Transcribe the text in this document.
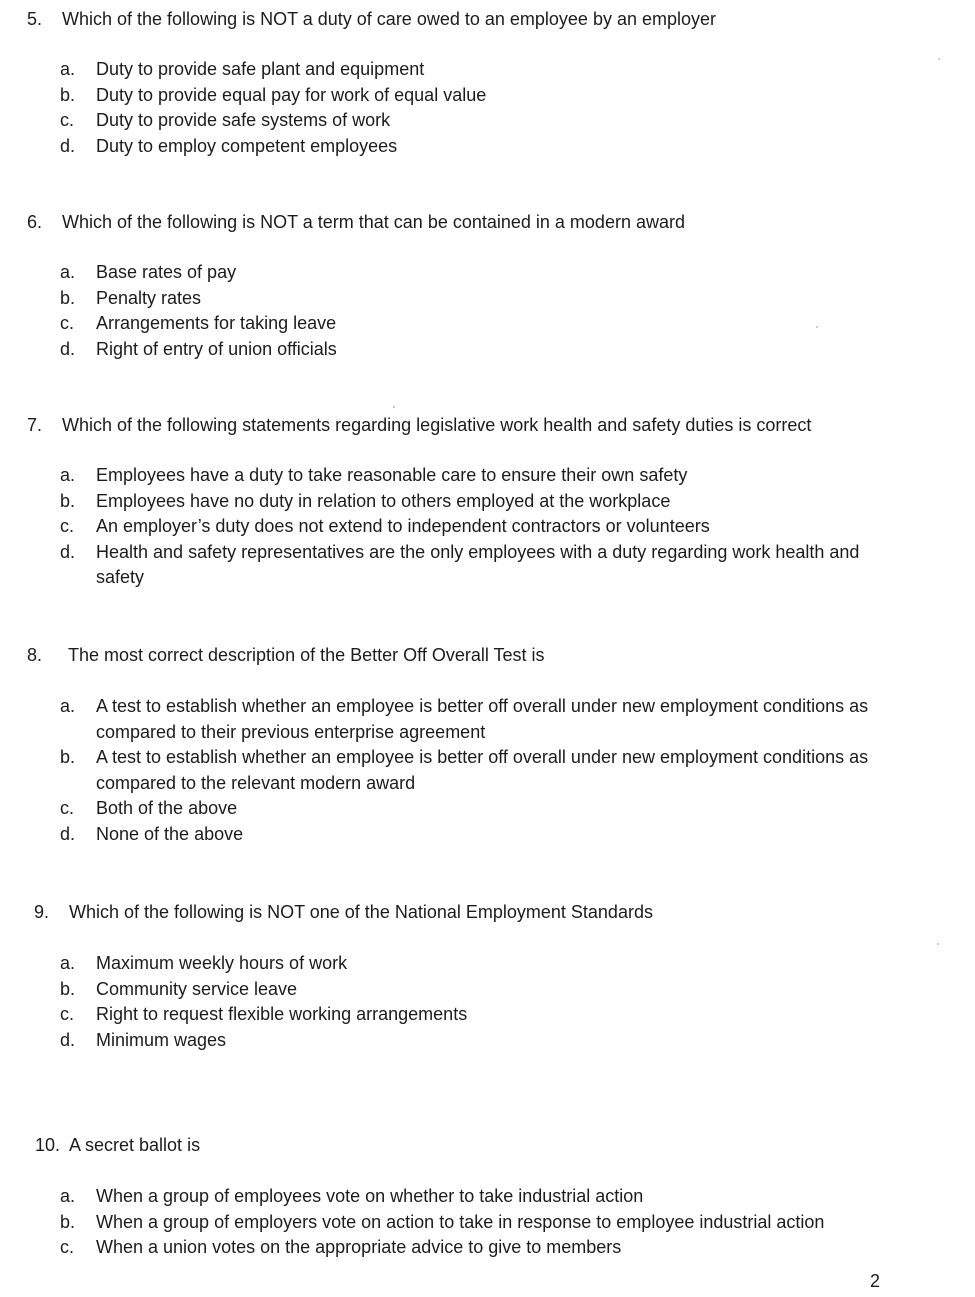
5. Which of the following is NOT a duty of care owed to an employee by an employer
a. Duty to provide safe plant and equipment
b. Duty to provide equal pay for work of equal value
c. Duty to provide safe systems of work
d. Duty to employ competent employees
6. Which of the following is NOT a term that can be contained in a modern award
a. Base rates of pay
b. Penalty rates
c. Arrangements for taking leave
d. Right of entry of union officials
7. Which of the following statements regarding legislative work health and safety duties is correct
a. Employees have a duty to take reasonable care to ensure their own safety
b. Employees have no duty in relation to others employed at the workplace
c. An employer’s duty does not extend to independent contractors or volunteers
d. Health and safety representatives are the only employees with a duty regarding work health and safety
8. The most correct description of the Better Off Overall Test is
a. A test to establish whether an employee is better off overall under new employment conditions as compared to their previous enterprise agreement
b. A test to establish whether an employee is better off overall under new employment conditions as compared to the relevant modern award
c. Both of the above
d. None of the above
9. Which of the following is NOT one of the National Employment Standards
a. Maximum weekly hours of work
b. Community service leave
c. Right to request flexible working arrangements
d. Minimum wages
10. A secret ballot is
a. When a group of employees vote on whether to take industrial action
b. When a group of employers vote on action to take in response to employee industrial action
c. When a union votes on the appropriate advice to give to members
2
